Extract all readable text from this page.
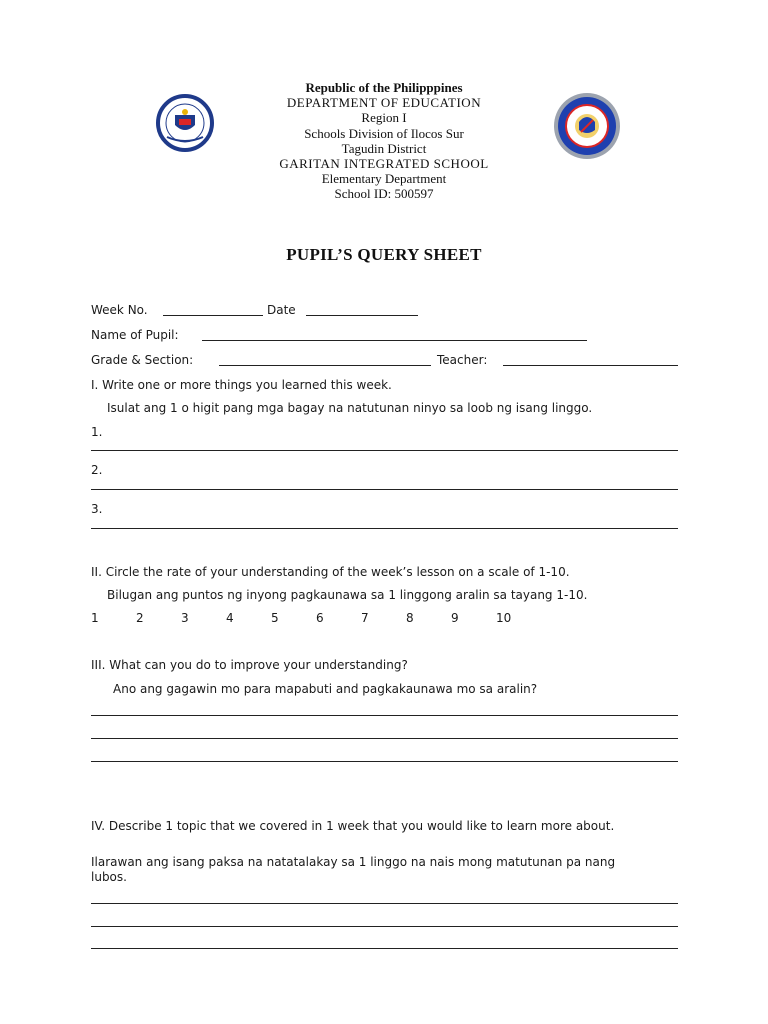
Republic of the Philipppines
DEPARTMENT OF EDUCATION
Region I
Schools Division of Ilocos Sur
Tagudin District
GARITAN INTEGRATED SCHOOL
Elementary Department
School ID: 500597
PUPIL’S QUERY SHEET
Week No.	Date
Name of Pupil:
Grade & Section:	Teacher:
I. Write one or more things you learned this week.
Isulat ang 1 o higit pang mga bagay na natutunan ninyo sa loob ng isang linggo.
1.
2.
3.
II. Circle the rate of your understanding of the week’s lesson on a scale of 1-10.
Bilugan ang puntos ng inyong pagkaunawa sa 1 linggong aralin sa tayang 1-10.
1	2	3	4	5	6	7	8	9	10
III. What can you do to improve your understanding?
Ano ang gagawin mo para mapabuti and pagkakaunawa mo sa aralin?
IV. Describe 1 topic that we covered in 1 week that you would like to learn more about.
Ilarawan ang isang paksa na natatalakay sa 1 linggo na nais mong matutunan pa nang lubos.
